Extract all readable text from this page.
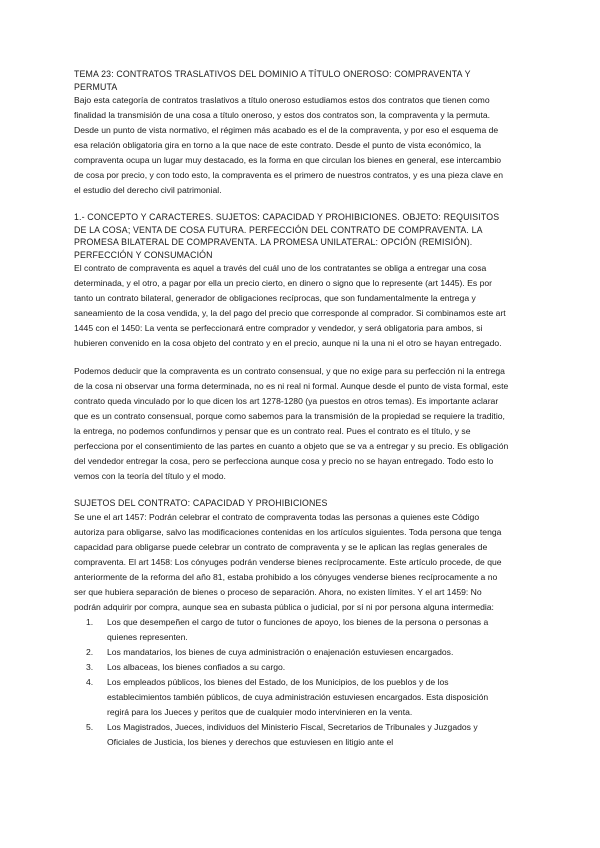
TEMA 23: CONTRATOS TRASLATIVOS DEL DOMINIO A TÍTULO ONEROSO: COMPRAVENTA Y PERMUTA

Bajo esta categoría de contratos traslativos a título oneroso estudiamos estos dos contratos que tienen como finalidad la transmisión de una cosa a título oneroso, y estos dos contratos son, la compraventa y la permuta. Desde un punto de vista normativo, el régimen más acabado es el de la compraventa, y por eso el esquema de esa relación obligatoria gira en torno a la que nace de este contrato. Desde el punto de vista económico, la compraventa ocupa un lugar muy destacado, es la forma en que circulan los bienes en general, ese intercambio de cosa por precio, y con todo esto, la compraventa es el primero de nuestros contratos, y es una pieza clave en el estudio del derecho civil patrimonial.

1.- CONCEPTO Y CARACTERES. SUJETOS: CAPACIDAD Y PROHIBICIONES. OBJETO: REQUISITOS DE LA COSA; VENTA DE COSA FUTURA. PERFECCIÓN DEL CONTRATO DE COMPRAVENTA. LA PROMESA BILATERAL DE COMPRAVENTA. LA PROMESA UNILATERAL: OPCIÓN (REMISIÓN). PERFECCIÓN Y CONSUMACIÓN

El contrato de compraventa es aquel a través del cuál uno de los contratantes se obliga a entregar una cosa determinada, y el otro, a pagar por ella un precio cierto, en dinero o signo que lo represente (art 1445). Es por tanto un contrato bilateral, generador de obligaciones recíprocas, que son fundamentalmente la entrega y saneamiento de la cosa vendida, y, la del pago del precio que corresponde al comprador. Si combinamos este art 1445 con el 1450: La venta se perfeccionará entre comprador y vendedor, y será obligatoria para ambos, si hubieren convenido en la cosa objeto del contrato y en el precio, aunque ni la una ni el otro se hayan entregado.

Podemos deducir que la compraventa es un contrato consensual, y que no exige para su perfección ni la entrega de la cosa ni observar una forma determinada, no es ni real ni formal. Aunque desde el punto de vista formal, este contrato queda vinculado por lo que dicen los art 1278-1280 (ya puestos en otros temas). Es importante aclarar que es un contrato consensual, porque como sabemos para la transmisión de la propiedad se requiere la traditio, la entrega, no podemos confundirnos y pensar que es un contrato real. Pues el contrato es el título, y se perfecciona por el consentimiento de las partes en cuanto a objeto que se va a entregar y su precio. Es obligación del vendedor entregar la cosa, pero se perfecciona aunque cosa y precio no se hayan entregado. Todo esto lo vemos con la teoría del título y el modo.

SUJETOS DEL CONTRATO: CAPACIDAD Y PROHIBICIONES

Se une el art 1457: Podrán celebrar el contrato de compraventa todas las personas a quienes este Código autoriza para obligarse, salvo las modificaciones contenidas en los artículos siguientes. Toda persona que tenga capacidad para obligarse puede celebrar un contrato de compraventa y se le aplican las reglas generales de compraventa. El art 1458: Los cónyuges podrán venderse bienes recíprocamente. Este artículo procede, de que anteriormente de la reforma del año 81, estaba prohibido a los cónyuges venderse bienes recíprocamente a no ser que hubiera separación de bienes o proceso de separación. Ahora, no existen límites. Y el art 1459: No podrán adquirir por compra, aunque sea en subasta pública o judicial, por sí ni por persona alguna intermedia:

1. Los que desempeñen el cargo de tutor o funciones de apoyo, los bienes de la persona o personas a quienes representen.
2. Los mandatarios, los bienes de cuya administración o enajenación estuviesen encargados.
3. Los albaceas, los bienes confiados a su cargo.
4. Los empleados públicos, los bienes del Estado, de los Municipios, de los pueblos y de los establecimientos también públicos, de cuya administración estuviesen encargados. Esta disposición regirá para los Jueces y peritos que de cualquier modo intervinieren en la venta.
5. Los Magistrados, Jueces, individuos del Ministerio Fiscal, Secretarios de Tribunales y Juzgados y Oficiales de Justicia, los bienes y derechos que estuviesen en litigio ante el
